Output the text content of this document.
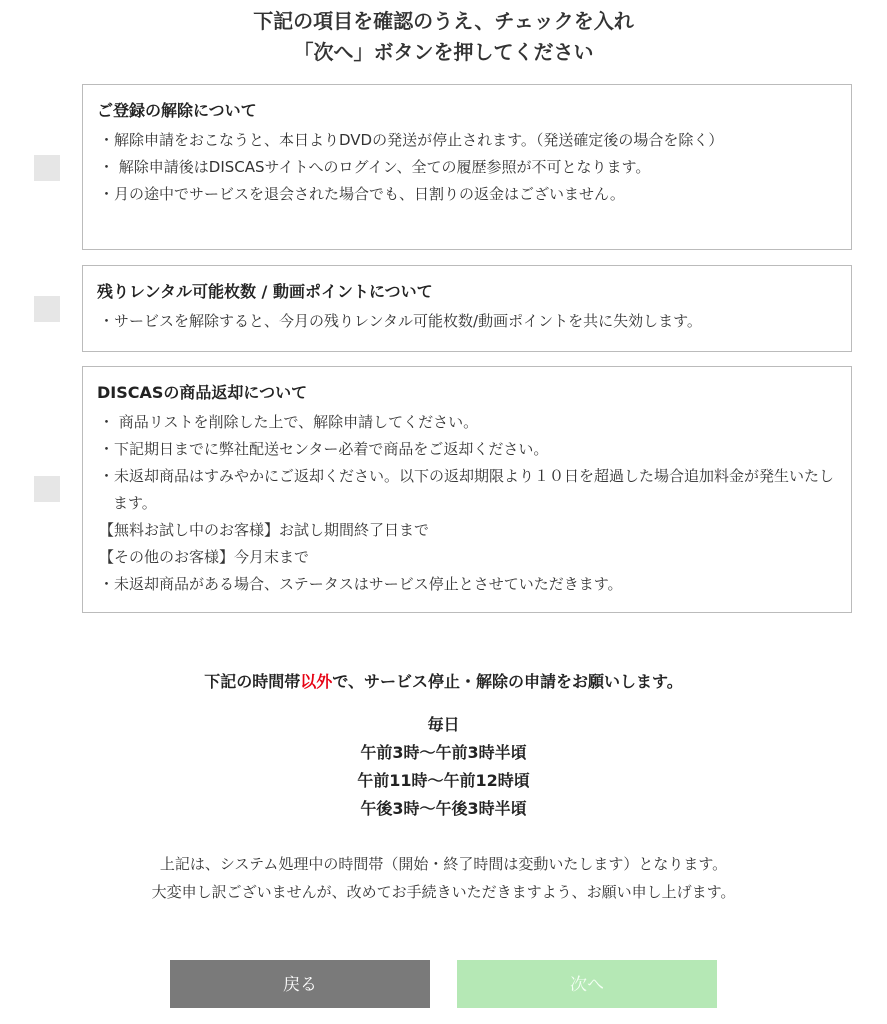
下記の項目を確認のうえ、チェックを入れ
「次へ」ボタンを押してください
ご登録の解除について
・解除申請をおこなうと、本日よりDVDの発送が停止されます。（発送確定後の場合を除く）
・ 解除申請後はDISCASサイトへのログイン、全ての履歴参照が不可となります。
・月の途中でサービスを退会された場合でも、日割りの返金はございません。
残りレンタル可能枚数 / 動画ポイントについて
・サービスを解除すると、今月の残りレンタル可能枚数/動画ポイントを共に失効します。
DISCASの商品返却について
・ 商品リストを削除した上で、解除申請してください。
・下記期日までに弊社配送センター必着で商品をご返却ください。
・未返却商品はすみやかにご返却ください。以下の返却期限より１０日を超過した場合追加料金が発生いたします。
【無料お試し中のお客様】お試し期間終了日まで
【その他のお客様】今月末まで
・未返却商品がある場合、ステータスはサービス停止とさせていただきます。
下記の時間帯以外で、サービス停止・解除の申請をお願いします。
毎日
午前3時～午前3時半頃
午前11時～午前12時頃
午後3時～午後3時半頃
上記は、システム処理中の時間帯（開始・終了時間は変動いたします）となります。
大変申し訳ございませんが、改めてお手続きいただきますよう、お願い申し上げます。
戻る	次へ
